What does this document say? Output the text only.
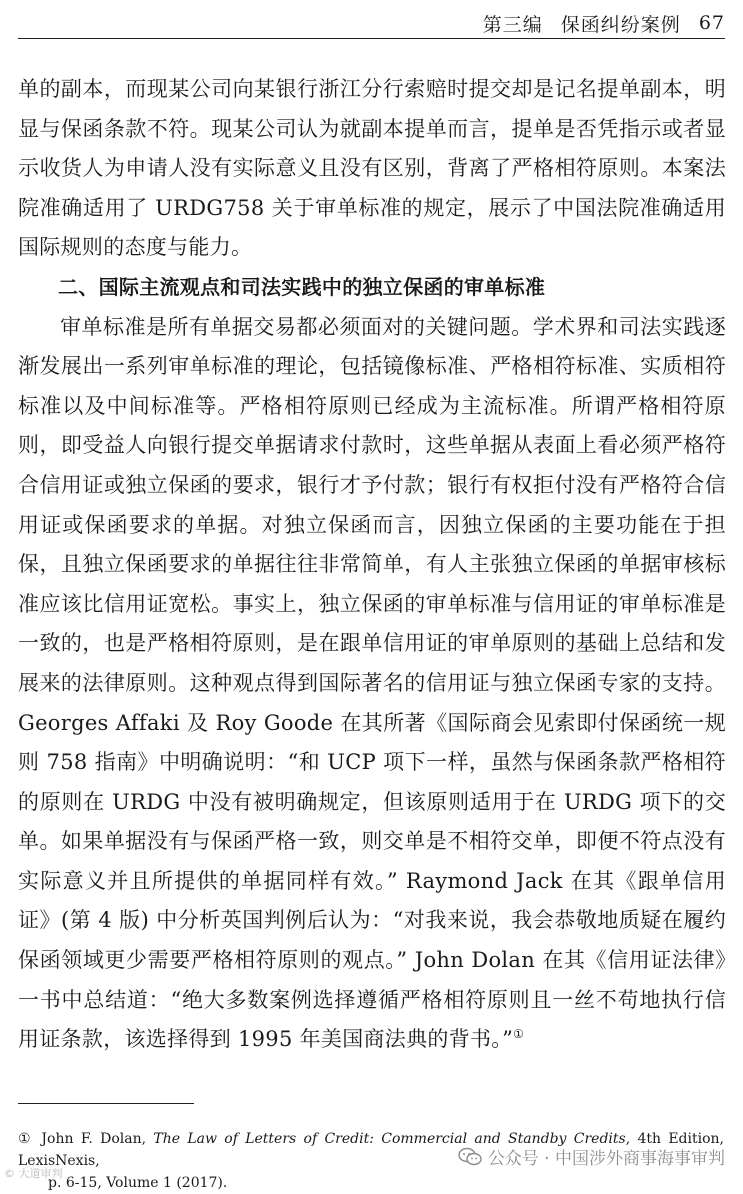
第三编 保函纠纷案例 67

单的副本，而现某公司向某银行浙江分行索赔时提交却是记名提单副本，明显与保函条款不符。现某公司认为就副本提单而言，提单是否凭指示或者显示收货人为申请人没有实际意义且没有区别，背离了严格相符原则。本案法院准确适用了 URDG758 关于审单标准的规定，展示了中国法院准确适用国际规则的态度与能力。

二、国际主流观点和司法实践中的独立保函的审单标准

审单标准是所有单据交易都必须面对的关键问题。学术界和司法实践逐渐发展出一系列审单标准的理论，包括镜像标准、严格相符标准、实质相符标准以及中间标准等。严格相符原则已经成为主流标准。所谓严格相符原则，即受益人向银行提交单据请求付款时，这些单据从表面上看必须严格符合信用证或独立保函的要求，银行才予付款；银行有权拒付没有严格符合信用证或保函要求的单据。对独立保函而言，因独立保函的主要功能在于担保，且独立保函要求的单据往往非常简单，有人主张独立保函的单据审核标准应该比信用证宽松。事实上，独立保函的审单标准与信用证的审单标准是一致的，也是严格相符原则，是在跟单信用证的审单原则的基础上总结和发展来的法律原则。这种观点得到国际著名的信用证与独立保函专家的支持。Georges Affaki 及 Roy Goode 在其所著《国际商会见索即付保函统一规则 758 指南》中明确说明：“和 UCP 项下一样，虽然与保函条款严格相符的原则在 URDG 中没有被明确规定，但该原则适用于在 URDG 项下的交单。如果单据没有与保函严格一致，则交单是不相符交单，即便不符点没有实际意义并且所提供的单据同样有效。” Raymond Jack 在其《跟单信用证》(第 4 版) 中分析英国判例后认为：“对我来说，我会恭敬地质疑在履约保函领域更少需要严格相符原则的观点。” John Dolan 在其《信用证法律》一书中总结道：“绝大多数案例选择遵循严格相符原则且一丝不苟地执行信用证条款，该选择得到 1995 年美国商法典的背书。”①

① John F. Dolan, The Law of Letters of Credit: Commercial and Standby Credits, 4th Edition, LexisNexis,
p. 6-15, Volume 1 (2017).
公众号 · 中国涉外商事海事审判
© 大道审判
